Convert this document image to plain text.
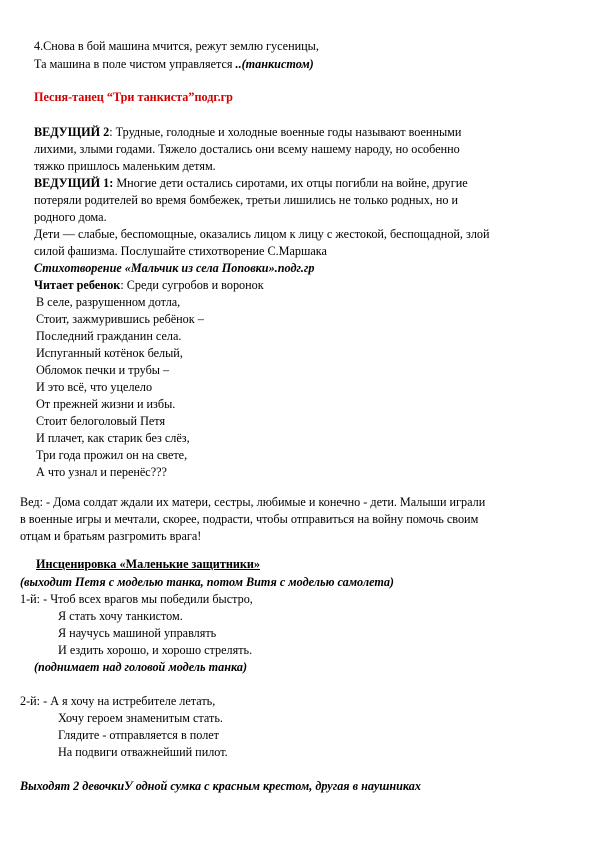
4.Снова в бой машина мчится, режут землю гусеницы,
Та машина в поле чистом управляется ..(танкистом)
Песня-танец “Три танкиста”подг.гр
ВЕДУЩИЙ 2: Трудные, голодные и холодные военные годы называют военными
лихими, злыми годами. Тяжело достались они всему нашему народу, но особенно
тяжко пришлось маленьким детям.
ВЕДУЩИЙ 1: Многие дети остались сиротами, их отцы погибли на войне, другие
потеряли родителей во время бомбежек, третьи лишились не только родных, но и
родного дома.
Дети — слабые, беспомощные, оказались лицом к лицу с жестокой, беспощадной, злой
силой фашизма. Послушайте стихотворение С.Маршака
Стихотворение «Мальчик из села Поповки».подг.гр
Читает ребенок: Среди сугробов и воронок
В селе, разрушенном дотла,
Стоит, зажмурившись ребёнок –
Последний гражданин села.
Испуганный котёнок белый,
Обломок печки и трубы –
И это всё, что уцелело
От прежней жизни и избы.
Стоит белоголовый Петя
И плачет, как старик без слёз,
Три года прожил он на свете,
А что узнал и перенёс???
Вед: - Дома солдат ждали их матери, сестры, любимые и конечно - дети. Малыши играли
в военные игры и мечтали, скорее, подрасти, чтобы отправиться на войну помочь своим
отцам и братьям разгромить врага!
Инсценировка «Маленькие защитники»
(выходит Петя с моделью танка, потом Витя с моделью самолета)
1-й: - Чтоб всех врагов мы победили быстро,
Я стать хочу танкистом.
Я научусь машиной управлять
И ездить хорошо, и хорошо стрелять.
(поднимает над головой модель танка)
2-й: - А я хочу на истребителе летать,
Хочу героем знаменитым стать.
Глядите - отправляется в полет
На подвиги отважнейший пилот.
Выходят 2 девочкиУ одной сумка с красным крестом, другая в наушниках
